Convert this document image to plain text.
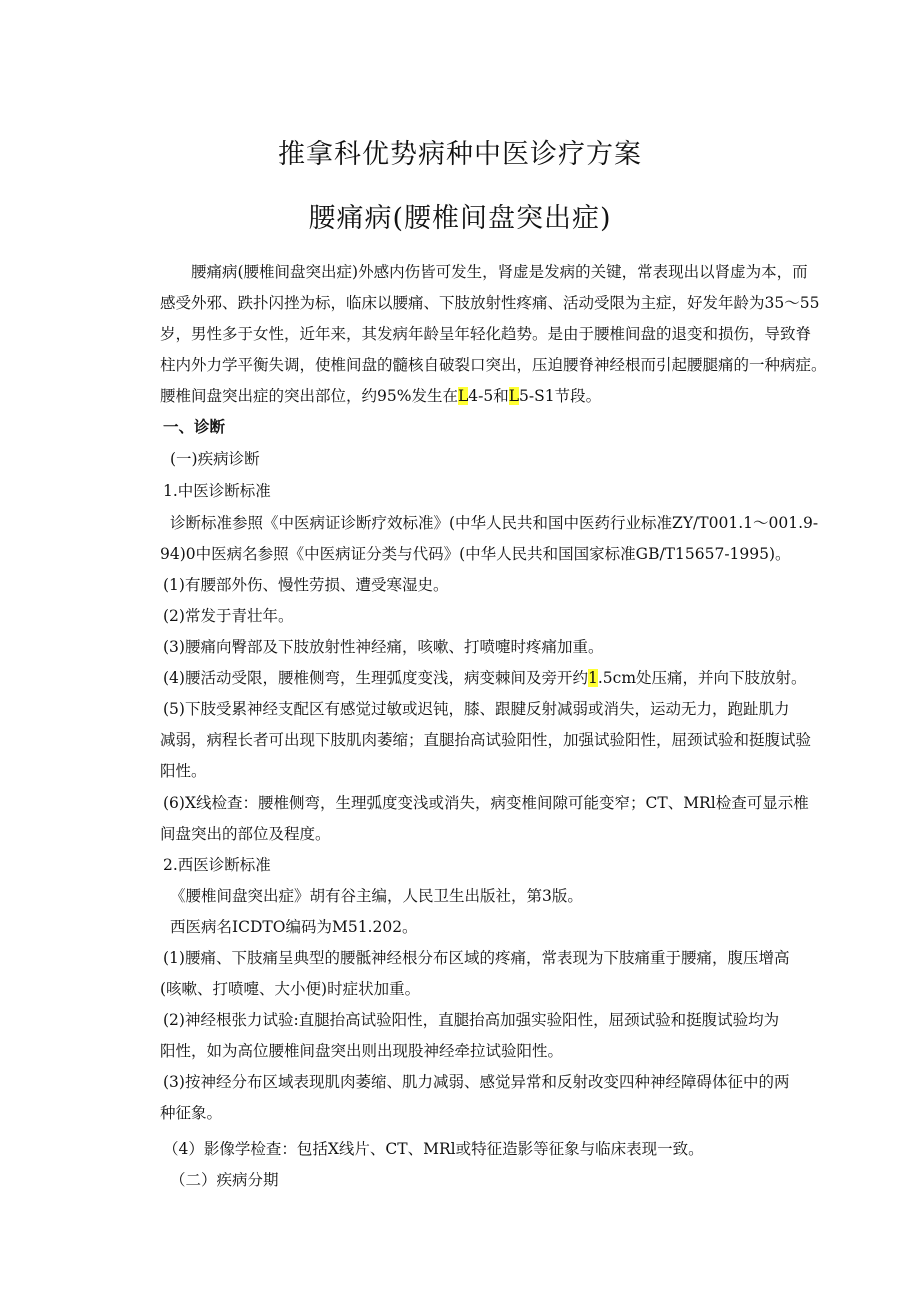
推拿科优势病种中医诊疗方案
腰痛病(腰椎间盘突出症)
腰痛病(腰椎间盘突出症)外感内伤皆可发生，肾虚是发病的关键，常表现出以肾虚为本，而
感受外邪、跌扑闪挫为标，临床以腰痛、下肢放射性疼痛、活动受限为主症，好发年龄为35～55
岁，男性多于女性，近年来，其发病年龄呈年轻化趋势。是由于腰椎间盘的退变和损伤，导致脊
柱内外力学平衡失调，使椎间盘的髓核自破裂口突出，压迫腰脊神经根而引起腰腿痛的一种病症。
腰椎间盘突出症的突出部位，约95%发生在L4-5和L5-S1节段。
一、诊断
(一)疾病诊断
1.中医诊断标准
诊断标准参照《中医病证诊断疗效标准》(中华人民共和国中医药行业标准ZY/T001.1～001.9-
94)0中医病名参照《中医病证分类与代码》(中华人民共和国国家标准GB/T15657-1995)。
(1)有腰部外伤、慢性劳损、遭受寒湿史。
(2)常发于青壮年。
(3)腰痛向臀部及下肢放射性神经痛，咳嗽、打喷嚏时疼痛加重。
(4)腰活动受限，腰椎侧弯，生理弧度变浅，病变棘间及旁开约1.5cm处压痛，并向下肢放射。
(5)下肢受累神经支配区有感觉过敏或迟钝，膝、跟腱反射减弱或消失，运动无力，跑趾肌力
减弱，病程长者可出现下肢肌肉萎缩；直腿抬高试验阳性，加强试验阳性，屈颈试验和挺腹试验
阳性。
(6)X线检查：腰椎侧弯，生理弧度变浅或消失，病变椎间隙可能变窄；CT、MRl检查可显示椎
间盘突出的部位及程度。
2.西医诊断标准
《腰椎间盘突出症》胡有谷主编，人民卫生出版社，第3版。
西医病名ICDTO编码为M51.202。
(1)腰痛、下肢痛呈典型的腰骶神经根分布区域的疼痛，常表现为下肢痛重于腰痛，腹压增高
(咳嗽、打喷嚏、大小便)时症状加重。
(2)神经根张力试验:直腿抬高试验阳性，直腿抬高加强实验阳性，屈颈试验和挺腹试验均为
阳性，如为高位腰椎间盘突出则出现股神经牵拉试验阳性。
(3)按神经分布区域表现肌肉萎缩、肌力减弱、感觉异常和反射改变四种神经障碍体征中的两
种征象。
（4）影像学检查：包括X线片、CT、MRl或特征造影等征象与临床表现一致。
（二）疾病分期
